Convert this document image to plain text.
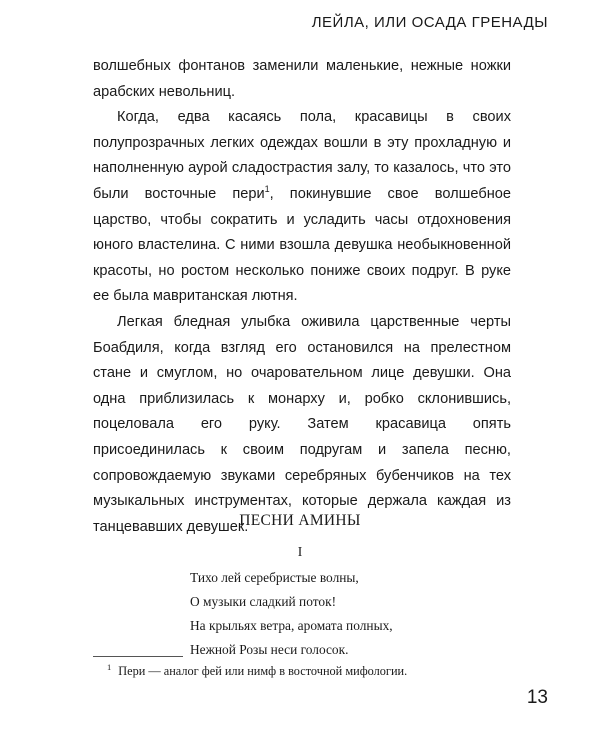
ЛЕЙЛА, ИЛИ ОСАДА ГРЕНАДЫ

волшебных фонтанов заменили маленькие, нежные ножки арабских невольниц.

Когда, едва касаясь пола, красавицы в своих полупрозрачных легких одеждах вошли в эту прохладную и наполненную аурой сладострастия залу, то казалось, что это были восточные пери$^1$, покинувшие свое волшебное царство, чтобы сократить и усладить часы отдохновения юного властелина. С ними взошла девушка необыкновенной красоты, но ростом несколько пониже своих подруг. В руке ее была мавританская лютня.

Легкая бледная улыбка оживила царственные черты Боабдиля, когда взгляд его остановился на прелестном стане и смуглом, но очаровательном лице девушки. Она одна приблизилась к монарху и, робко склонившись, поцеловала его руку. Затем красавица опять присоединилась к своим подругам и запела песню, сопровождаемую звуками серебряных бубенчиков на тех музыкальных инструментах, которые держала каждая из танцевавших девушек.

ПЕСНИ АМИНЫ
I
Тихо лей серебристые волны,
О музыки сладкий поток!
На крыльях ветра, аромата полных,
Нежной Розы неси голосок.
$^1$ Пери — аналог фей или нимф в восточной мифологии.
13
